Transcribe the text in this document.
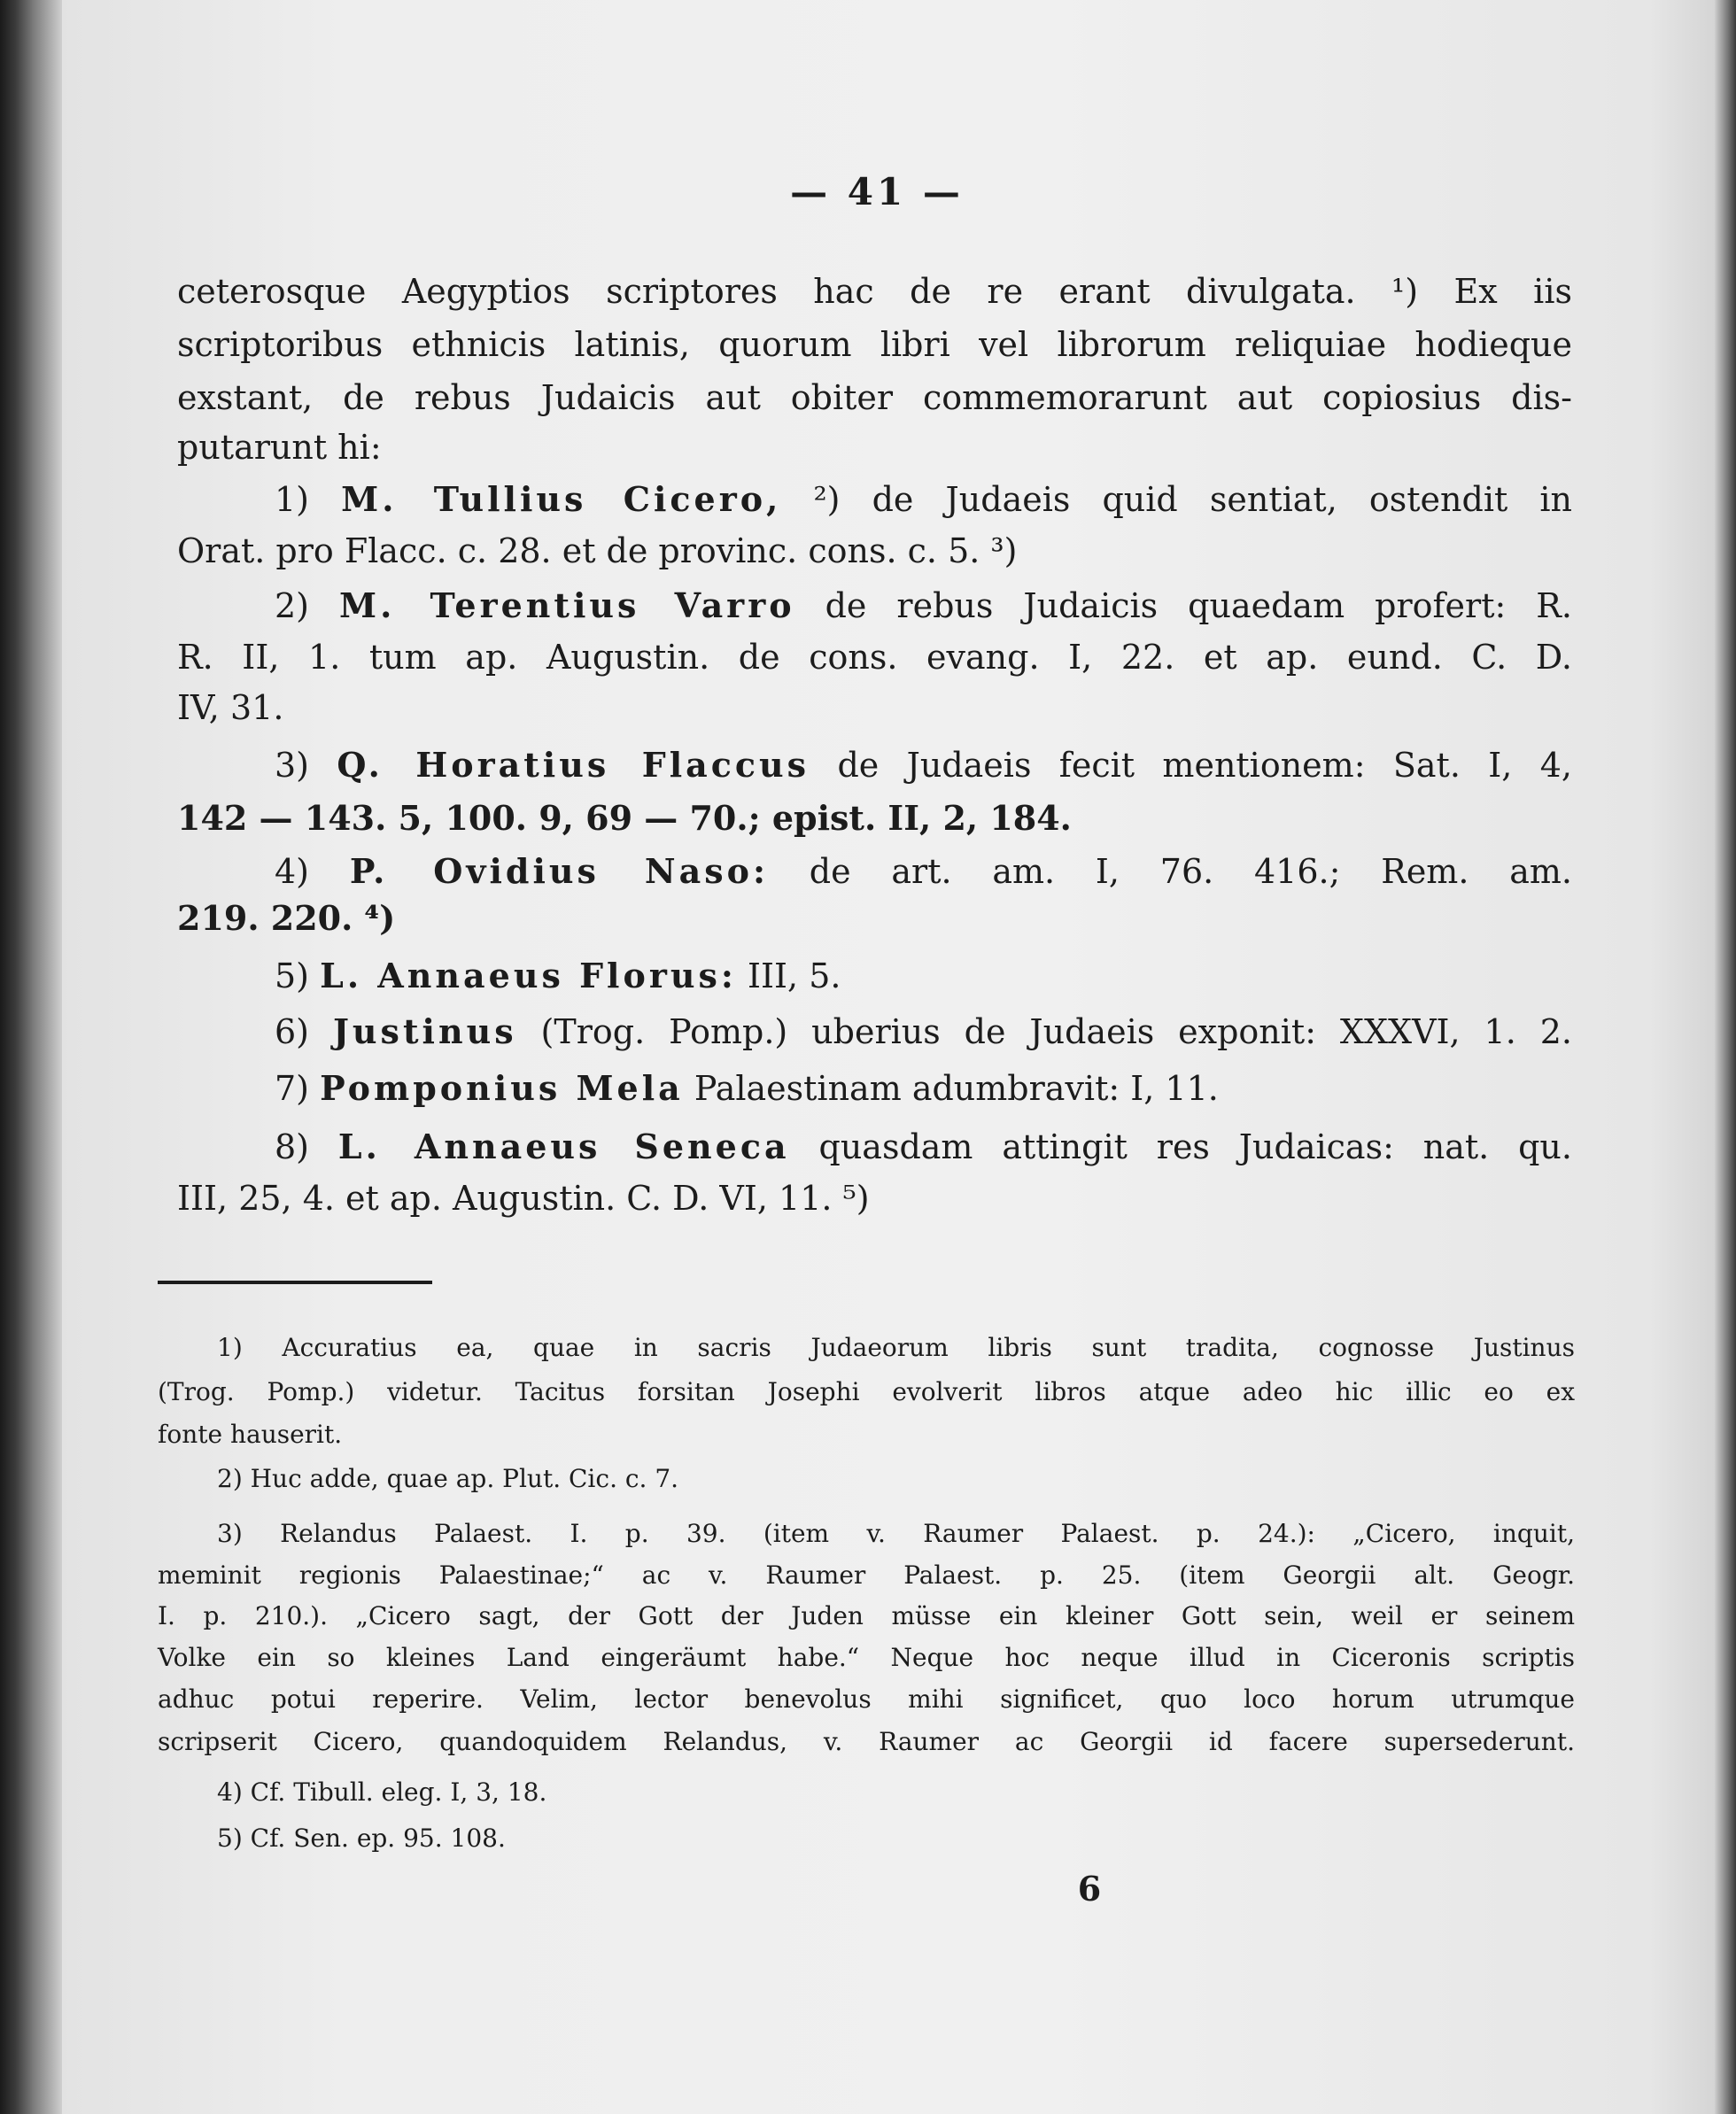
— 41 —
ceterosque Aegyptios scriptores hac de re erant divulgata. ¹) Ex iis
scriptoribus ethnicis latinis, quorum libri vel librorum reliquiae hodieque
exstant, de rebus Judaicis aut obiter commemorarunt aut copiosius dis-
putarunt hi:
1) M. Tullius Cicero, ²) de Judaeis quid sentiat, ostendit in
Orat. pro Flacc. c. 28. et de provinc. cons. c. 5. ³)
2) M. Terentius Varro de rebus Judaicis quaedam profert: R.
R. II, 1. tum ap. Augustin. de cons. evang. I, 22. et ap. eund. C. D.
IV, 31.
3) Q. Horatius Flaccus de Judaeis fecit mentionem: Sat. I, 4,
142 — 143. 5, 100. 9, 69 — 70.; epist. II, 2, 184.
4) P. Ovidius Naso: de art. am. I, 76. 416.; Rem. am.
219. 220. ⁴)
5) L. Annaeus Florus: III, 5.
6) Justinus (Trog. Pomp.) uberius de Judaeis exponit: XXXVI, 1. 2.
7) Pomponius Mela Palaestinam adumbravit: I, 11.
8) L. Annaeus Seneca quasdam attingit res Judaicas: nat. qu.
III, 25, 4. et ap. Augustin. C. D. VI, 11. ⁵)
1) Accuratius ea, quae in sacris Judaeorum libris sunt tradita, cognosse Justinus
(Trog. Pomp.) videtur. Tacitus forsitan Josephi evolverit libros atque adeo hic illic eo ex
fonte hauserit.
2) Huc adde, quae ap. Plut. Cic. c. 7.
3) Relandus Palaest. I. p. 39. (item v. Raumer Palaest. p. 24.): „Cicero, inquit,
meminit regionis Palaestinae;“ ac v. Raumer Palaest. p. 25. (item Georgii alt. Geogr.
I. p. 210.). „Cicero sagt, der Gott der Juden müsse ein kleiner Gott sein, weil er seinem
Volke ein so kleines Land eingeräumt habe.“ Neque hoc neque illud in Ciceronis scriptis
adhuc potui reperire. Velim, lector benevolus mihi significet, quo loco horum utrumque
scripserit Cicero, quandoquidem Relandus, v. Raumer ac Georgii id facere supersederunt.
4) Cf. Tibull. eleg. I, 3, 18.
5) Cf. Sen. ep. 95. 108.
6
